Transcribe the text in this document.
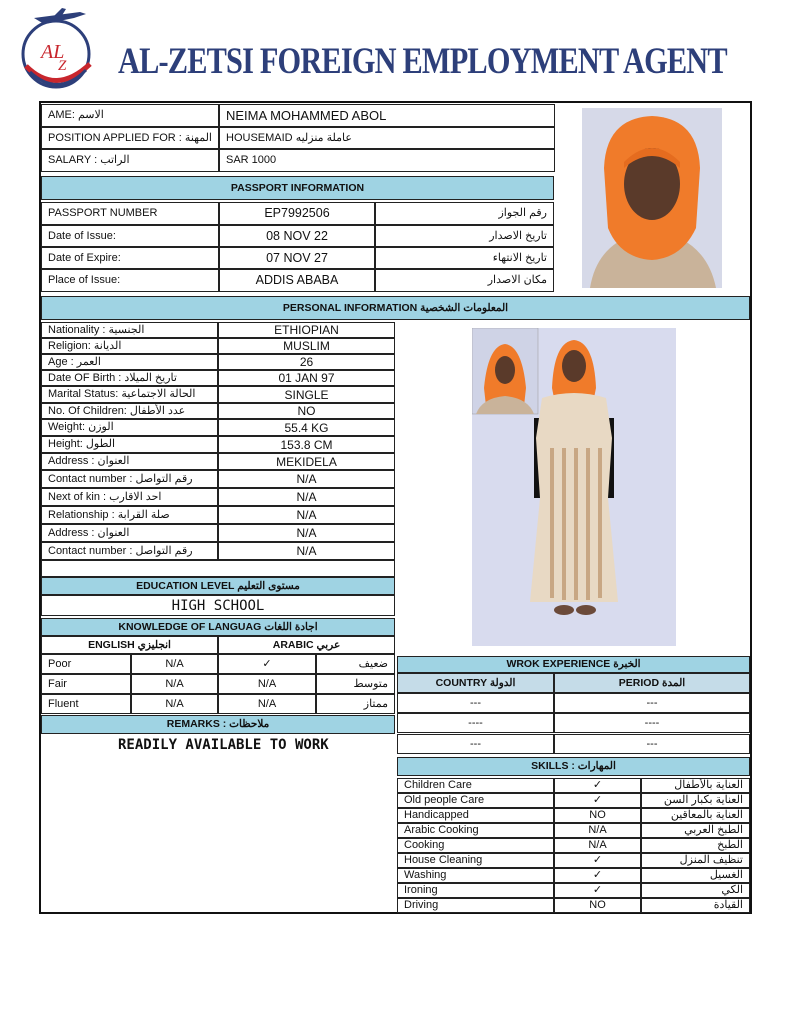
AL
Z AL-ZETSI FOREIGN EMPLOYMENT AGENT
AME: الاسم	NEIMA MOHAMMED ABOL
POSITION APPLIED FOR : المهنة	HOUSEMAID عاملة منزليه
SALARY : الراتب	SAR 1000
PASSPORT INFORMATION
PASSPORT NUMBER	EP7992506	رقم الجواز
Date of Issue:	08 NOV 22	تاريخ الاصدار
Date of Expire:	07 NOV 27	تاريخ الانتهاء
Place of Issue:	ADDIS ABABA	مكان الاصدار
PERSONAL INFORMATION المعلومات الشخصية
Nationality : الجنسية	ETHIOPIAN
Religion: الديانة	MUSLIM
Age : العمر	26
Date OF Birth : تاريخ الميلاد	01 JAN 97
Marital Status: الحالة الاجتماعية	SINGLE
No. Of Children: عدد الأطفال	NO
Weight: الوزن	55.4 KG
Height: الطول	153.8 CM
Address : العنوان	MEKIDELA
Contact number : رقم التواصل	N/A
Next of kin : احد الاقارب	N/A
Relationship : صلة القرابة	N/A
Address : العنوان	N/A
Contact number : رقم التواصل	N/A
EDUCATION LEVEL مستوى التعليم
HIGH SCHOOL
KNOWLEDGE OF LANGUAG اجادة اللغات
ENGLISH انجليزي	ARABIC عربي
Poor	N/A	✓	ضعيف
Fair	N/A	N/A	متوسط
Fluent	N/A	N/A	ممتاز
REMARKS : ملاحظات
READILY AVAILABLE TO WORK
WROK EXPERIENCE الخبرة
COUNTRY الدولة	PERIOD المدة
---	---
----	----
---	---
SKILLS : المهارات
Children Care	✓	العناية بالأطفال
Old people Care	✓	العناية بكبار السن
Handicapped	NO	العناية بالمعاقين
Arabic Cooking	N/A	الطبخ العربي
Cooking	N/A	الطبخ
House Cleaning	✓	تنظيف المنزل
Washing	✓	الغسيل
Ironing	✓	الكي
Driving	NO	القيادة
